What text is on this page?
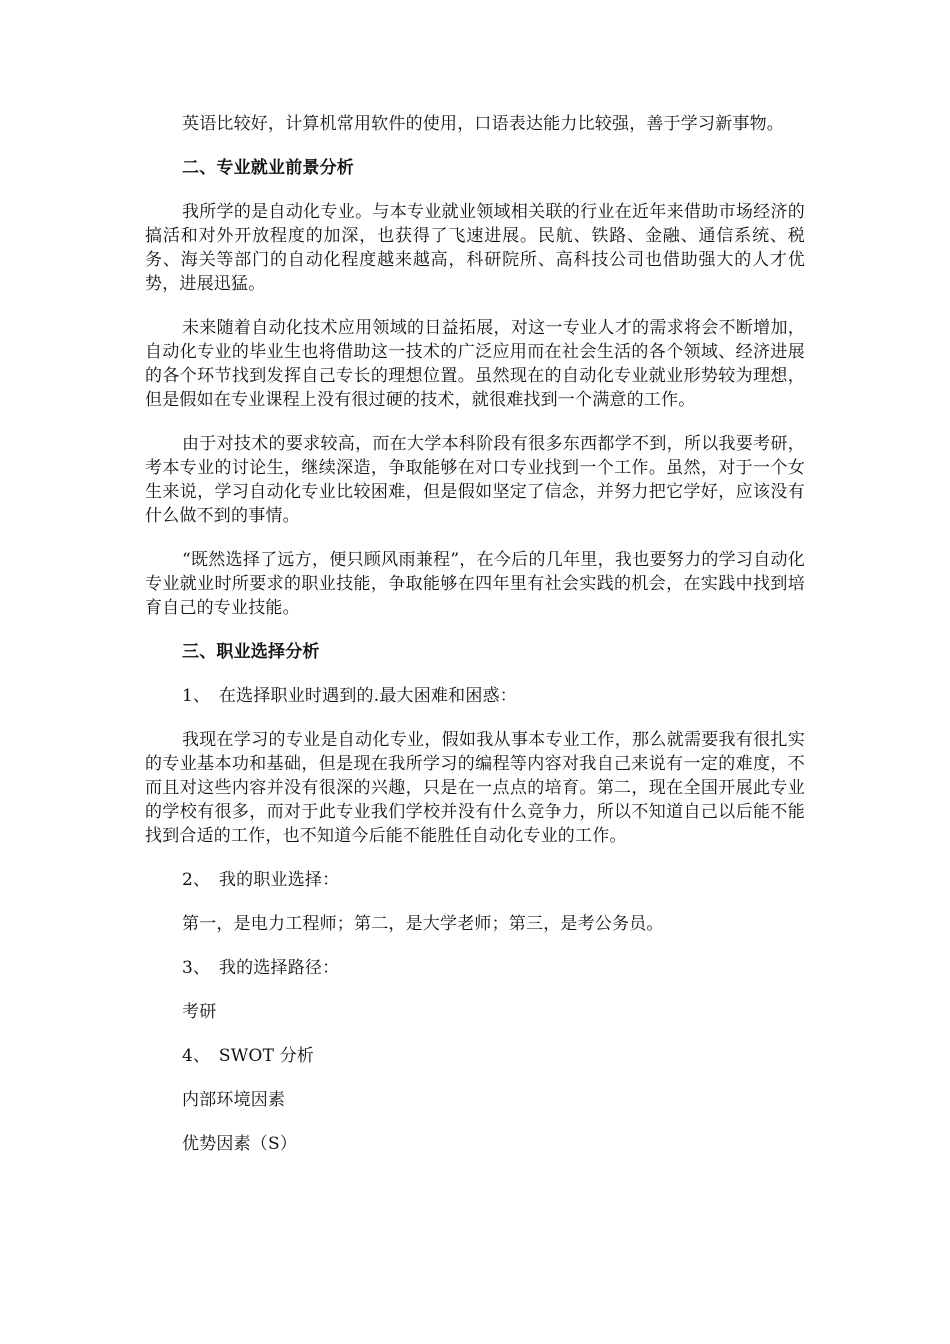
英语比较好，计算机常用软件的使用，口语表达能力比较强，善于学习新事物。

二、专业就业前景分析

我所学的是自动化专业。与本专业就业领域相关联的行业在近年来借助市场经济的搞活和对外开放程度的加深，也获得了飞速进展。民航、铁路、金融、通信系统、税务、海关等部门的自动化程度越来越高，科研院所、高科技公司也借助强大的人才优势，进展迅猛。

未来随着自动化技术应用领域的日益拓展，对这一专业人才的需求将会不断增加，自动化专业的毕业生也将借助这一技术的广泛应用而在社会生活的各个领域、经济进展的各个环节找到发挥自己专长的理想位置。虽然现在的自动化专业就业形势较为理想，但是假如在专业课程上没有很过硬的技术，就很难找到一个满意的工作。

由于对技术的要求较高，而在大学本科阶段有很多东西都学不到，所以我要考研，考本专业的讨论生，继续深造，争取能够在对口专业找到一个工作。虽然，对于一个女生来说，学习自动化专业比较困难，但是假如坚定了信念，并努力把它学好，应该没有什么做不到的事情。

“既然选择了远方，便只顾风雨兼程”，在今后的几年里，我也要努力的学习自动化专业就业时所要求的职业技能，争取能够在四年里有社会实践的机会，在实践中找到培育自己的专业技能。

三、职业选择分析

1、　在选择职业时遇到的.最大困难和困惑：

我现在学习的专业是自动化专业，假如我从事本专业工作，那么就需要我有很扎实的专业基本功和基础，但是现在我所学习的编程等内容对我自己来说有一定的难度，不而且对这些内容并没有很深的兴趣，只是在一点点的培育。第二，现在全国开展此专业的学校有很多，而对于此专业我们学校并没有什么竞争力，所以不知道自己以后能不能找到合适的工作，也不知道今后能不能胜任自动化专业的工作。

2、　我的职业选择：

第一，是电力工程师；第二，是大学老师；第三，是考公务员。

3、　我的选择路径：

考研

4、　SWOT 分析

内部环境因素

优势因素（S）
